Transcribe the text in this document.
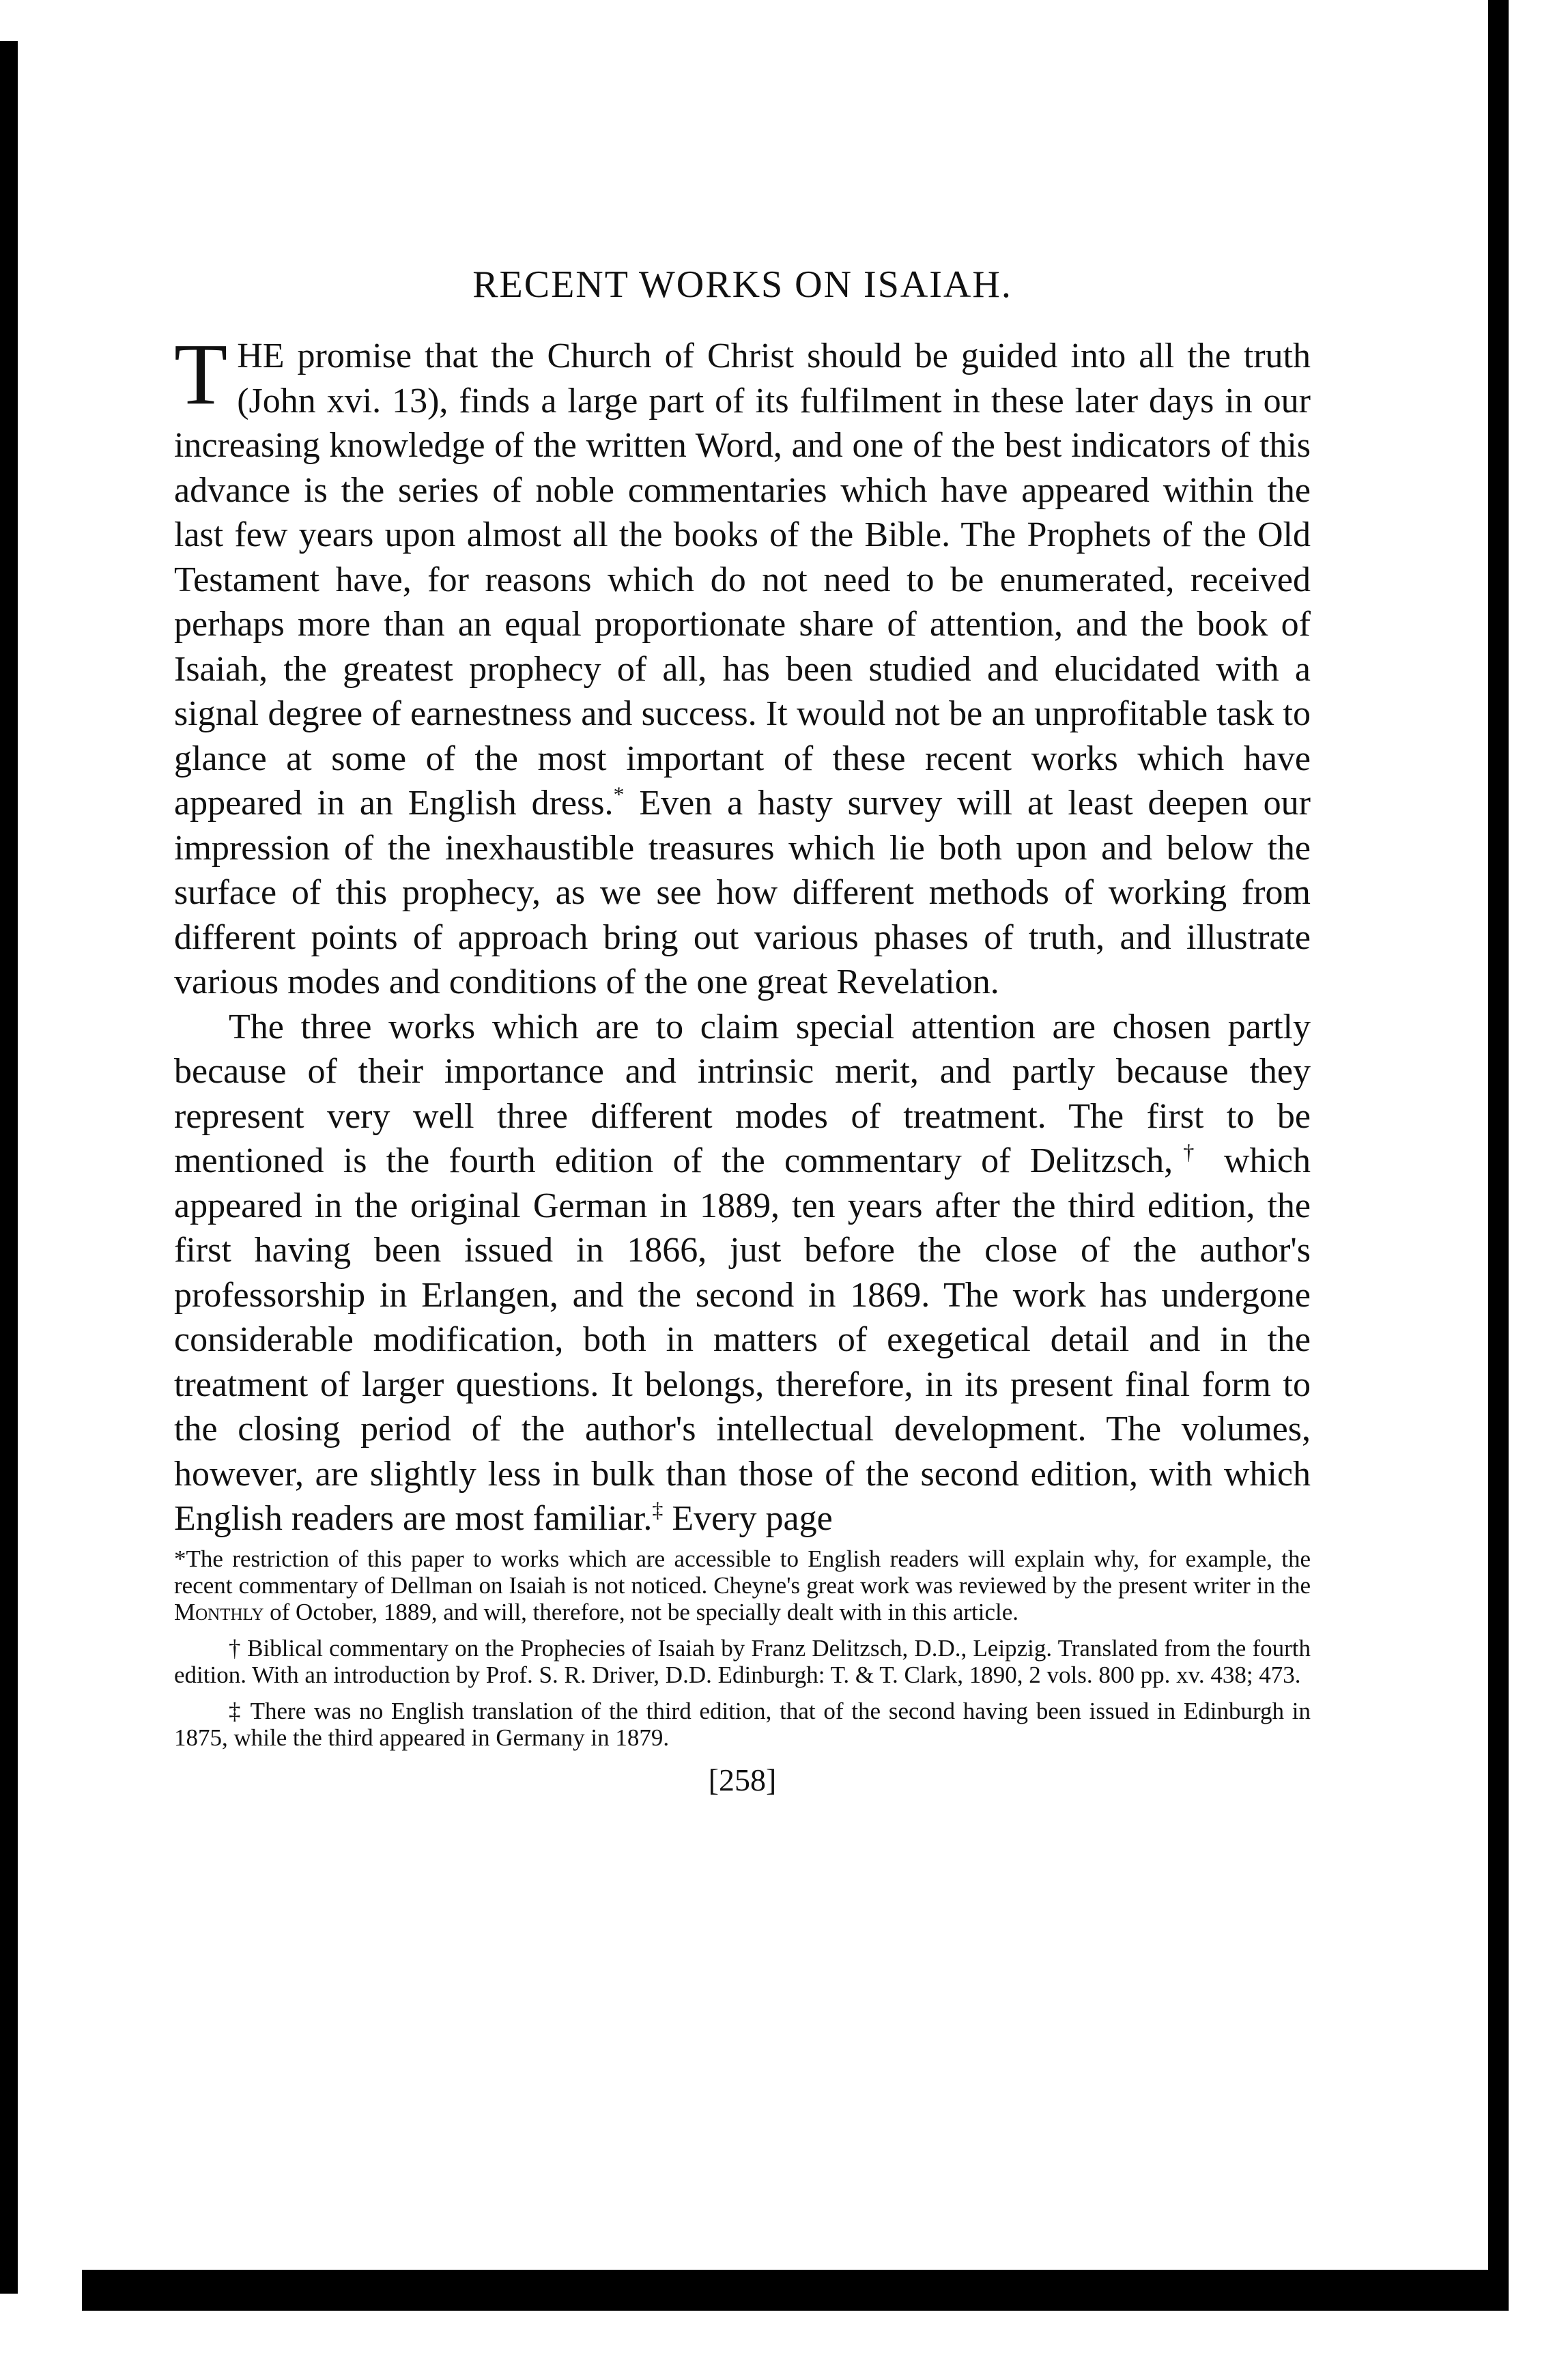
RECENT WORKS ON ISAIAH.

THE promise that the Church of Christ should be guided into all the truth (John xvi. 13), finds a large part of its fulfilment in these later days in our increasing knowledge of the written Word, and one of the best indicators of this advance is the series of noble commentaries which have appeared within the last few years upon almost all the books of the Bible. The Prophets of the Old Testament have, for reasons which do not need to be enumerated, received perhaps more than an equal proportionate share of attention, and the book of Isaiah, the greatest prophecy of all, has been studied and elucidated with a signal degree of earnestness and success. It would not be an unprofitable task to glance at some of the most important of these recent works which have appeared in an English dress.* Even a hasty survey will at least deepen our impression of the inexhaustible treasures which lie both upon and below the surface of this prophecy, as we see how different methods of working from different points of approach bring out various phases of truth, and illustrate various modes and conditions of the one great Revelation.

The three works which are to claim special attention are chosen partly because of their importance and intrinsic merit, and partly because they represent very well three different modes of treatment. The first to be mentioned is the fourth edition of the commentary of Delitzsch,† which appeared in the original German in 1889, ten years after the third edition, the first having been issued in 1866, just before the close of the author's professorship in Erlangen, and the second in 1869. The work has undergone considerable modification, both in matters of exegetical detail and in the treatment of larger questions. It belongs, therefore, in its present final form to the closing period of the author's intellectual development. The volumes, however, are slightly less in bulk than those of the second edition, with which English readers are most familiar.‡ Every page

*The restriction of this paper to works which are accessible to English readers will explain why, for example, the recent commentary of Dellman on Isaiah is not noticed. Cheyne's great work was reviewed by the present writer in the Monthly of October, 1889, and will, therefore, not be specially dealt with in this article.

† Biblical commentary on the Prophecies of Isaiah by Franz Delitzsch, D.D., Leipzig. Translated from the fourth edition. With an introduction by Prof. S. R. Driver, D.D. Edinburgh: T. & T. Clark, 1890, 2 vols. 800 pp. xv. 438; 473.

‡ There was no English translation of the third edition, that of the second having been issued in Edinburgh in 1875, while the third appeared in Germany in 1879.

[258]
